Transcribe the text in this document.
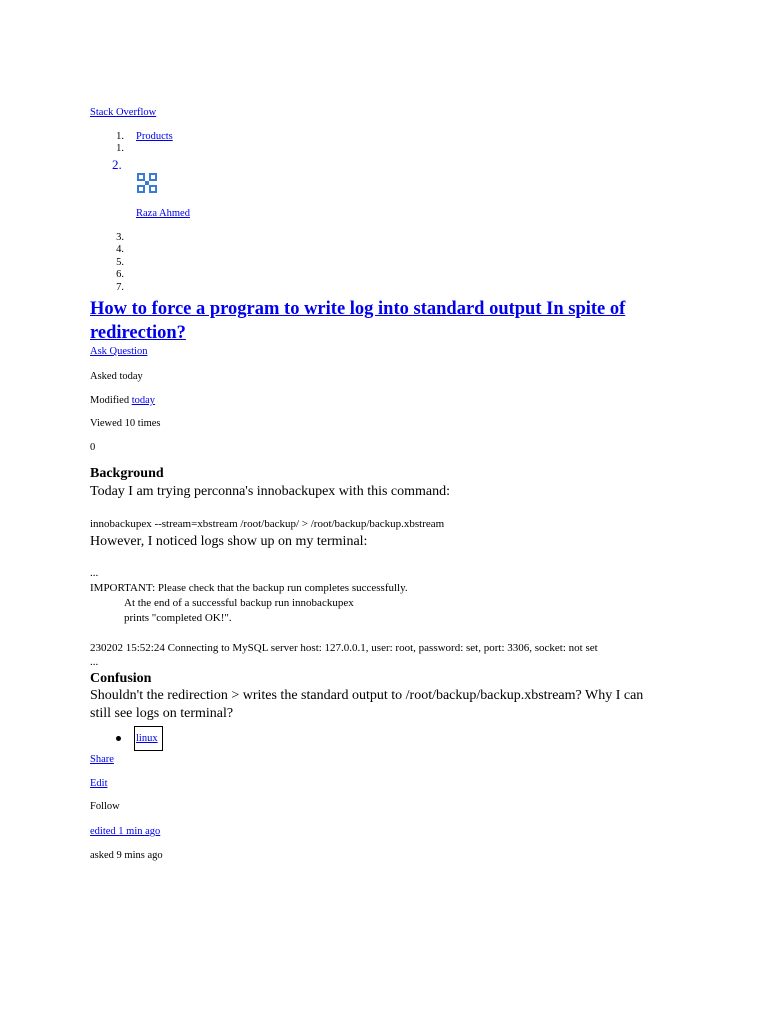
Stack Overflow
1. Products
1.
2.
Raza Ahmed
3.
4.
5.
6.
7.
How to force a program to write log into standard output In spite of redirection?
Ask Question
Asked today
Modified today
Viewed 10 times
0
Background
Today I am trying perconna's innobackupex with this command:
innobackupex --stream=xbstream /root/backup/ > /root/backup/backup.xbstream
However, I noticed logs show up on my terminal:
...
IMPORTANT: Please check that the backup run completes successfully.
At the end of a successful backup run innobackupex
prints "completed OK!".
230202 15:52:24 Connecting to MySQL server host: 127.0.0.1, user: root, password: set, port: 3306, socket: not set
...
Confusion
Shouldn't the redirection > writes the standard output to /root/backup/backup.xbstream? Why I can
still see logs on terminal?
linux
Share
Edit
Follow
edited 1 min ago
asked 9 mins ago
